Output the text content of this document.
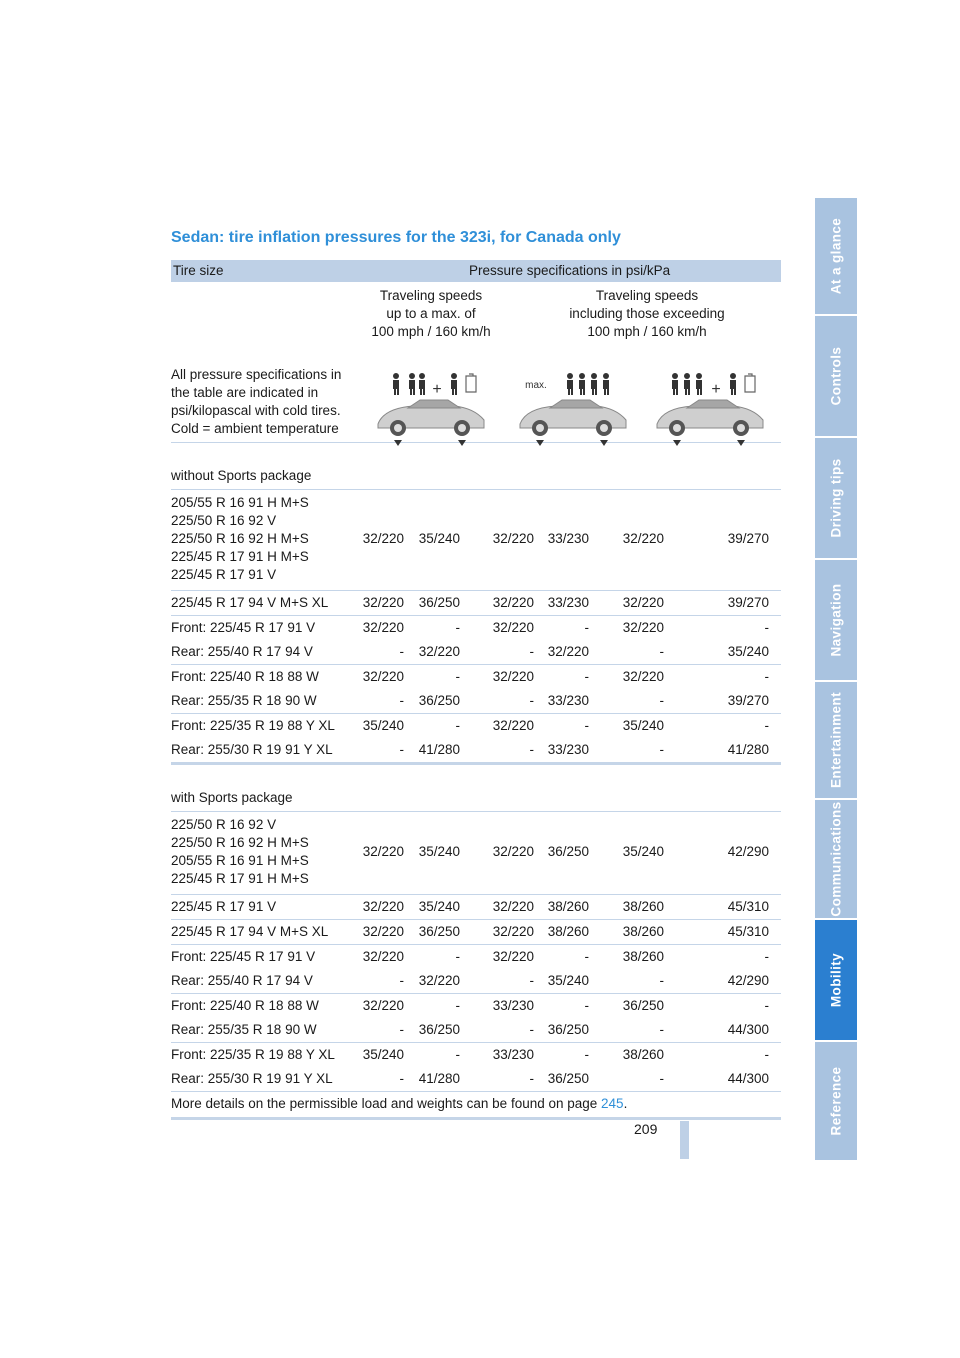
Sedan: tire inflation pressures for the 323i, for Canada only
Tire size	Pressure specifications in psi/kPa
Traveling speeds
up to a max. of
100 mph / 160 km/h
Traveling speeds
including those exceeding
100 mph / 160 km/h
All pressure specifications in
the table are indicated in
psi/kilopascal with cold tires.
Cold = ambient temperature
+	max.	+
without Sports package
205/55 R 16 91 H M+S
225/50 R 16 92 V
225/50 R 16 92 H M+S
225/45 R 17 91 H M+S
225/45 R 17 91 V
32/220 35/240 32/220 33/230 32/220	39/270
225/45 R 17 94 V M+S XL	32/220 36/250 32/220 33/230 32/220	39/270
Front: 225/45 R 17 91 V	32/220	- 32/220	- 32/220	-
Rear: 255/40 R 17 94 V	- 32/220	- 32/220	-	35/240
Front: 225/40 R 18 88 W	32/220	- 32/220	- 32/220	-
Rear: 255/35 R 18 90 W	- 36/250	- 33/230	-	39/270
Front: 225/35 R 19 88 Y XL 35/240	- 32/220	- 35/240	-
Rear: 255/30 R 19 91 Y XL	- 41/280	- 33/230	-	41/280
with Sports package
225/50 R 16 92 V
225/50 R 16 92 H M+S
205/55 R 16 91 H M+S
225/45 R 17 91 H M+S
32/220 35/240 32/220 36/250 35/240	42/290
225/45 R 17 91 V	32/220 35/240 32/220 38/260 38/260	45/310
225/45 R 17 94 V M+S XL	32/220 36/250 32/220 38/260 38/260	45/310
Front: 225/45 R 17 91 V	32/220	- 32/220	- 38/260	-
Rear: 255/40 R 17 94 V	- 32/220	- 35/240	-	42/290
Front: 225/40 R 18 88 W	32/220	- 33/230	- 36/250	-
Rear: 255/35 R 18 90 W	- 36/250	- 36/250	-	44/300
Front: 225/35 R 19 88 Y XL 35/240	- 33/230	- 38/260	-
Rear: 255/30 R 19 91 Y XL	- 41/280	- 36/250	-	44/300
More details on the permissible load and weights can be found on page 245.
At a glance
Controls
Driving tips
Navigation
Entertainment
Communications
Mobility
Reference
209
